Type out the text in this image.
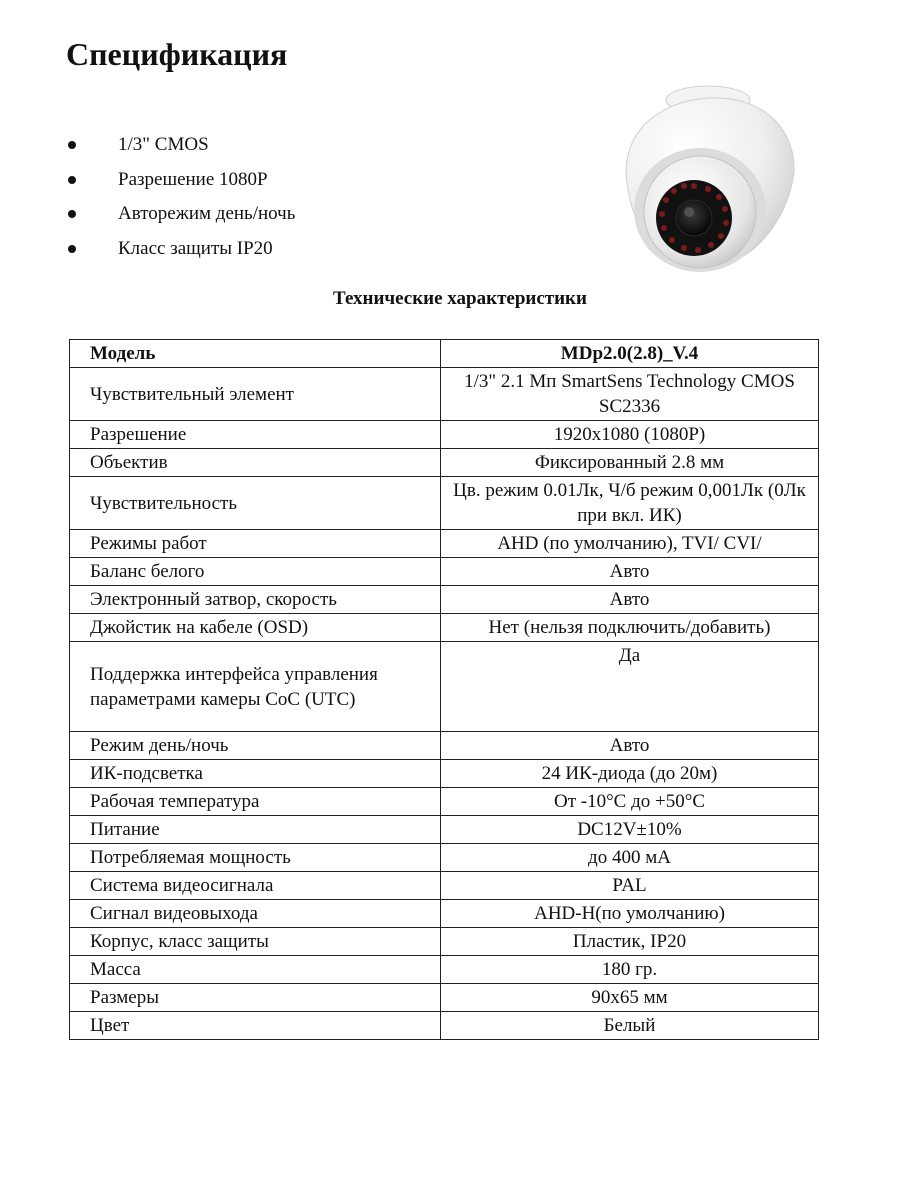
Спецификация
1/3" CMOS
Разрешение 1080P
Авторежим день/ночь
Класс защиты IP20
Технические характеристики
Модель	MDp2.0(2.8)_V.4
Чувствительный элемент	1/3" 2.1 Мп SmartSens Technology CMOS SC2336
Разрешение	1920x1080 (1080P)
Объектив	Фиксированный 2.8 мм
Чувствительность	Цв. режим 0.01Лк, Ч/б режим 0,001Лк (0Лк при вкл. ИК)
Режимы работ	AHD (по умолчанию), TVI/ CVI/
Баланс белого	Авто
Электронный затвор, скорость	Авто
Джойстик на кабеле (OSD)	Нет (нельзя подключить/добавить)
Поддержка интерфейса управления параметрами камеры CoC (UTC)	Да
Режим день/ночь	Авто
ИК-подсветка	24 ИК-диода (до 20м)
Рабочая температура	От -10°C до +50°C
Питание	DC12V±10%
Потребляемая мощность	до 400 мА
Система видеосигнала	PAL
Сигнал видеовыхода	AHD-H(по умолчанию)
Корпус, класс защиты	Пластик, IP20
Масса	180 гр.
Размеры	90x65 мм
Цвет	Белый
